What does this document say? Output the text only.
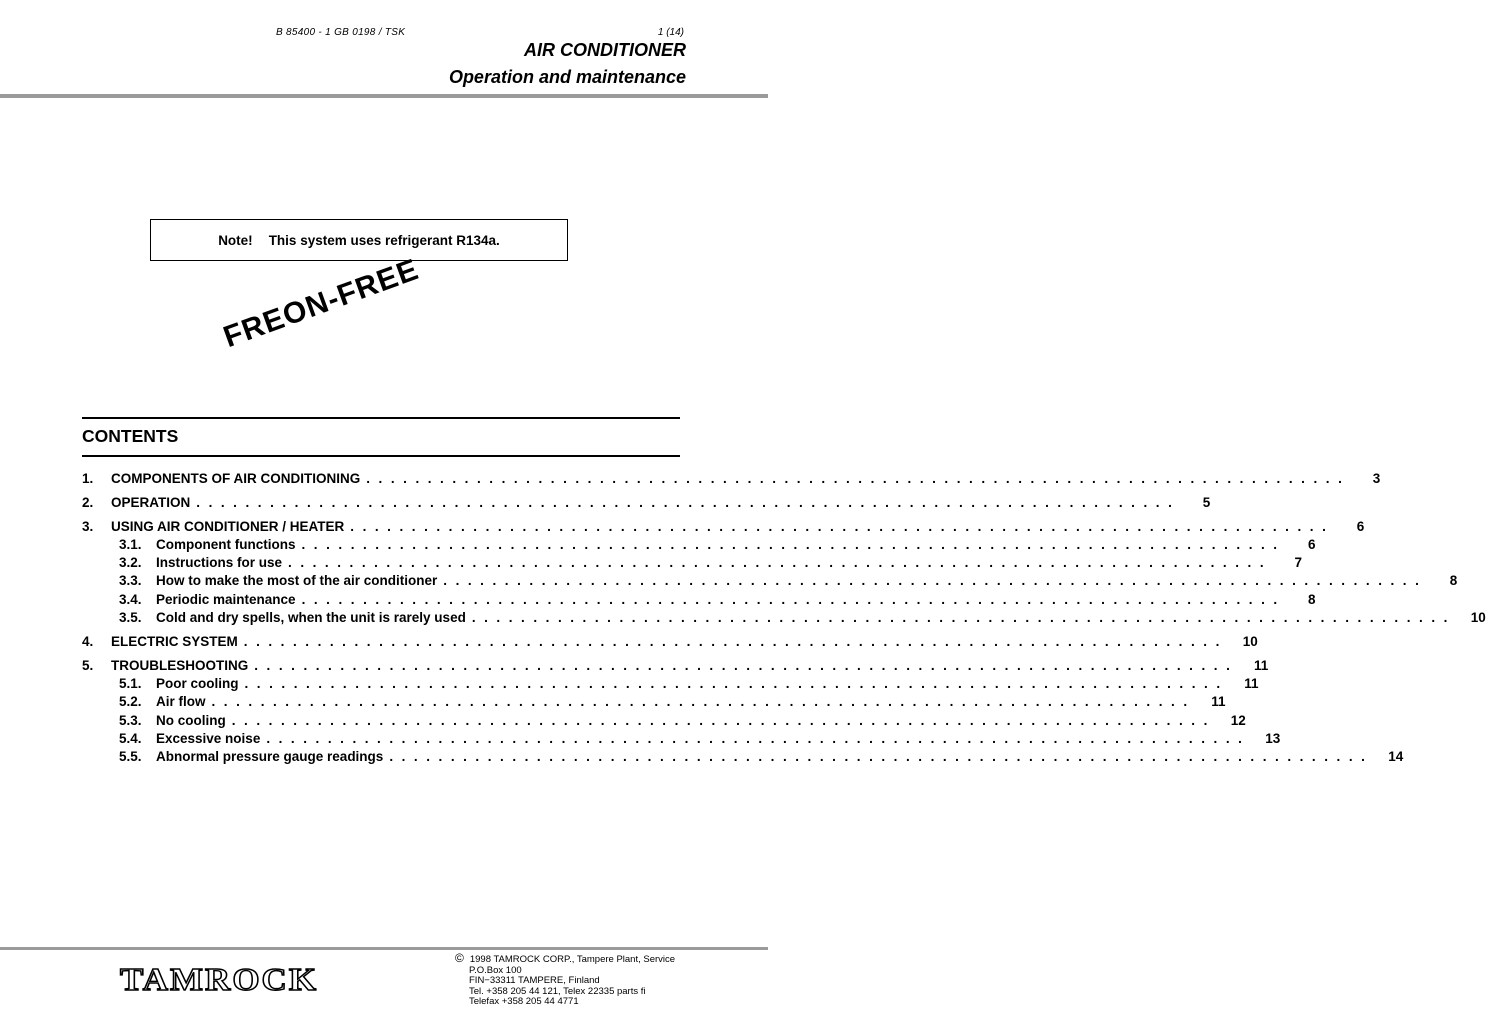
B 85400 - 1 GB 0198 / TSK	1 (14)
AIR CONDITIONER
Operation and maintenance
Note! This system uses refrigerant R134a.
FREON-FREE
CONTENTS
1.	COMPONENTS OF AIR CONDITIONING . . . . . . . . . . . . . . . . . . . . . . . . . . . . . . . . . . . . . . . . . . . . . . . . . . . . . . . . . . . . . . . . . . . . . . . . . . . . . . . .	3
2.	OPERATION . . . . . . . . . . . . . . . . . . . . . . . . . . . . . . . . . . . . . . . . . . . . . . . . . . . . . . . . . . . . . . . . . . . . . . . . . . . . . . . .	5
3.	USING AIR CONDITIONER / HEATER . . . . . . . . . . . . . . . . . . . . . . . . . . . . . . . . . . . . . . . . . . . . . . . . . . . . . . . . . . . . . . . . . . . . . . . . . . . . . . . .	6
3.1.	Component functions . . . . . . . . . . . . . . . . . . . . . . . . . . . . . . . . . . . . . . . . . . . . . . . . . . . . . . . . . . . . . . . . . . . . . . . . . . . . . . . .	6
3.2.	Instructions for use . . . . . . . . . . . . . . . . . . . . . . . . . . . . . . . . . . . . . . . . . . . . . . . . . . . . . . . . . . . . . . . . . . . . . . . . . . . . . . . .	7
3.3.	How to make the most of the air conditioner . . . . . . . . . . . . . . . . . . . . . . . . . . . . . . . . . . . . . . . . . . . . . . . . . . . . . . . . . . . . . . . . . . . . . . . . . . . . . . . .	8
3.4.	Periodic maintenance . . . . . . . . . . . . . . . . . . . . . . . . . . . . . . . . . . . . . . . . . . . . . . . . . . . . . . . . . . . . . . . . . . . . . . . . . . . . . . . .	8
3.5.	Cold and dry spells, when the unit is rarely used . . . . . . . . . . . . . . . . . . . . . . . . . . . . . . . . . . . . . . . . . . . . . . . . . . . . . . . . . . . . . . . . . . . . . . . . . . . . . . . .	10
4.	ELECTRIC SYSTEM . . . . . . . . . . . . . . . . . . . . . . . . . . . . . . . . . . . . . . . . . . . . . . . . . . . . . . . . . . . . . . . . . . . . . . . . . . . . . . . .	10
5.	TROUBLESHOOTING . . . . . . . . . . . . . . . . . . . . . . . . . . . . . . . . . . . . . . . . . . . . . . . . . . . . . . . . . . . . . . . . . . . . . . . . . . . . . . . .	11
5.1.	Poor cooling . . . . . . . . . . . . . . . . . . . . . . . . . . . . . . . . . . . . . . . . . . . . . . . . . . . . . . . . . . . . . . . . . . . . . . . . . . . . . . . .	11
5.2.	Air flow . . . . . . . . . . . . . . . . . . . . . . . . . . . . . . . . . . . . . . . . . . . . . . . . . . . . . . . . . . . . . . . . . . . . . . . . . . . . . . . .	11
5.3.	No cooling . . . . . . . . . . . . . . . . . . . . . . . . . . . . . . . . . . . . . . . . . . . . . . . . . . . . . . . . . . . . . . . . . . . . . . . . . . . . . . . .	12
5.4.	Excessive noise . . . . . . . . . . . . . . . . . . . . . . . . . . . . . . . . . . . . . . . . . . . . . . . . . . . . . . . . . . . . . . . . . . . . . . . . . . . . . . . .	13
5.5.	Abnormal pressure gauge readings . . . . . . . . . . . . . . . . . . . . . . . . . . . . . . . . . . . . . . . . . . . . . . . . . . . . . . . . . . . . . . . . . . . . . . . . . . . . . . . .	14
TAMROCK
© 1998 TAMROCK CORP., Tampere Plant, Service
P.O.Box 100
FIN−33311 TAMPERE, Finland
Tel. +358 205 44 121, Telex 22335 parts fi
Telefax +358 205 44 4771
